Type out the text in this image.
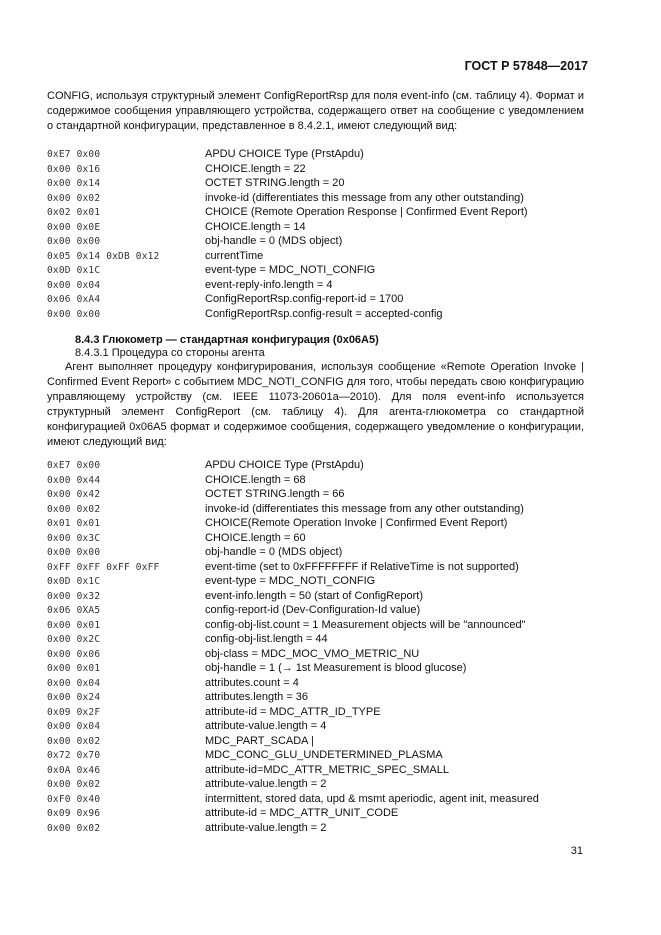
ГОСТ Р 57848—2017

CONFIG, используя структурный элемент ConfigReportRsp для поля event-info (см. таблицу 4). Формат и содержимое сообщения управляющего устройства, содержащего ответ на сообщение с уведомлением о стандартной конфигурации, представленное в 8.4.2.1, имеют следующий вид:

0xE7 0x00	APDU CHOICE Type (PrstApdu)
0x00 0x16	CHOICE.length = 22
0x00 0x14	OCTET STRING.length = 20
0x00 0x02	invoke-id (differentiates this message from any other outstanding)
0x02 0x01	CHOICE (Remote Operation Response | Confirmed Event Report)
0x00 0x0E	CHOICE.length = 14
0x00 0x00	obj-handle = 0 (MDS object)
0x05 0x14 0xDB 0x12	currentTime
0x0D 0x1C	event-type = MDC_NOTI_CONFIG
0x00 0x04	event-reply-info.length = 4
0x06 0xA4	ConfigReportRsp.config-report-id = 1700
0x00 0x00	ConfigReportRsp.config-result = accepted-config

8.4.3 Глюкометр — стандартная конфигурация (0x06A5)

8.4.3.1 Процедура со стороны агента

Агент выполняет процедуру конфигурирования, используя сообщение «Remote Operation Invoke | Confirmed Event Report» с событием MDC_NOTI_CONFIG для того, чтобы передать свою конфигурацию управляющему устройству (см. IEEE 11073-20601a—2010). Для поля event-info используется структурный элемент ConfigReport (см. таблицу 4). Для агента-глюкометра со стандартной конфигурацией 0x06A5 формат и содержимое сообщения, содержащего уведомление о конфигурации, имеют следующий вид:

0xE7 0x00	APDU CHOICE Type (PrstApdu)
0x00 0x44	CHOICE.length = 68
0x00 0x42	OCTET STRING.length = 66
0x00 0x02	invoke-id (differentiates this message from any other outstanding)
0x01 0x01	CHOICE(Remote Operation Invoke | Confirmed Event Report)
0x00 0x3C	CHOICE.length = 60
0x00 0x00	obj-handle = 0 (MDS object)
0xFF 0xFF 0xFF 0xFF	event-time (set to 0xFFFFFFFF if RelativeTime is not supported)
0x0D 0x1C	event-type = MDC_NOTI_CONFIG
0x00 0x32	event-info.length = 50 (start of ConfigReport)
0x06 0XA5	config-report-id (Dev-Configuration-Id value)
0x00 0x01	config-obj-list.count = 1 Measurement objects will be "announced"
0x00 0x2C	config-obj-list.length = 44
0x00 0x06	obj-class = MDC_MOC_VMO_METRIC_NU
0x00 0x01	obj-handle = 1 (→ 1st Measurement is blood glucose)
0x00 0x04	attributes.count = 4
0x00 0x24	attributes.length = 36
0x09 0x2F	attribute-id = MDC_ATTR_ID_TYPE
0x00 0x04	attribute-value.length = 4
0x00 0x02	MDC_PART_SCADA |
0x72 0x70	MDC_CONC_GLU_UNDETERMINED_PLASMA
0x0A 0x46	attribute-id=MDC_ATTR_METRIC_SPEC_SMALL
0x00 0x02	attribute-value.length = 2
0xF0 0x40	intermittent, stored data, upd & msmt aperiodic, agent init, measured
0x09 0x96	attribute-id = MDC_ATTR_UNIT_CODE
0x00 0x02	attribute-value.length = 2
31
